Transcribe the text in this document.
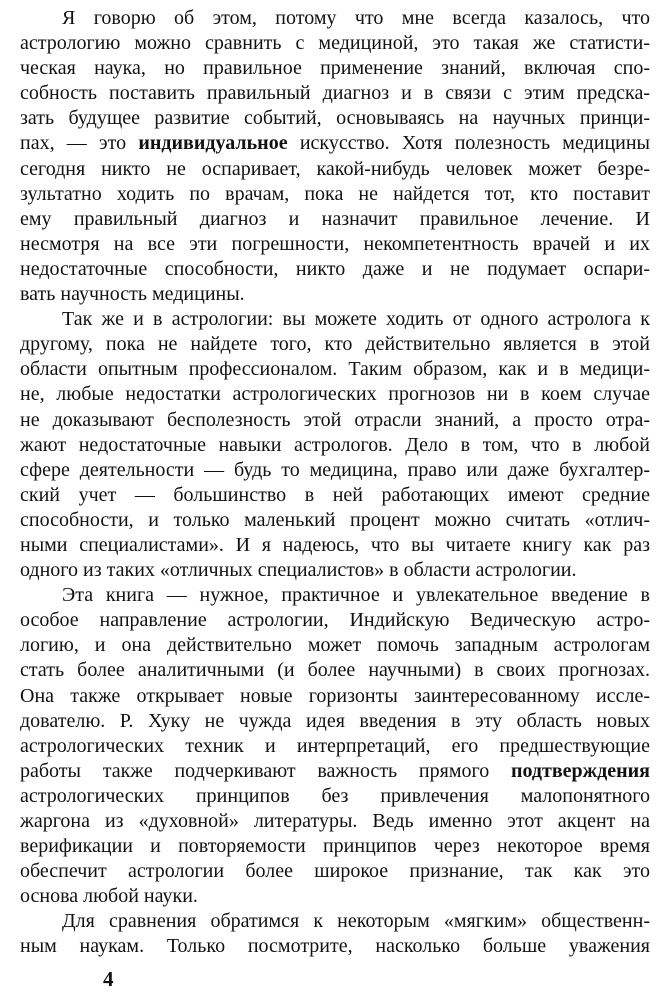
Я говорю об этом, потому что мне всегда казалось, что
астрологию можно сравнить с медициной, это такая же статисти-
ческая наука, но правильное применение знаний, включая спо-
собность поставить правильный диагноз и в связи с этим предска-
зать будущее развитие событий, основываясь на научных принци-
пах, — это индивидуальное искусство. Хотя полезность медицины
сегодня никто не оспаривает, какой-нибудь человек может безре-
зультатно ходить по врачам, пока не найдется тот, кто поставит
ему правильный диагноз и назначит правильное лечение. И
несмотря на все эти погрешности, некомпетентность врачей и их
недостаточные способности, никто даже и не подумает оспари-
вать научность медицины.
Так же и в астрологии: вы можете ходить от одного астролога к
другому, пока не найдете того, кто действительно является в этой
области опытным профессионалом. Таким образом, как и в медици-
не, любые недостатки астрологических прогнозов ни в коем случае
не доказывают бесполезность этой отрасли знаний, а просто отра-
жают недостаточные навыки астрологов. Дело в том, что в любой
сфере деятельности — будь то медицина, право или даже бухгалтер-
ский учет — большинство в ней работающих имеют средние
способности, и только маленький процент можно считать «отлич-
ными специалистами». И я надеюсь, что вы читаете книгу как раз
одного из таких «отличных специалистов» в области астрологии.
Эта книга — нужное, практичное и увлекательное введение в
особое направление астрологии, Индийскую Ведическую астро-
логию, и она действительно может помочь западным астрологам
стать более аналитичными (и более научными) в своих прогнозах.
Она также открывает новые горизонты заинтересованному иссле-
дователю. Р. Хуку не чужда идея введения в эту область новых
астрологических техник и интерпретаций, его предшествующие
работы также подчеркивают важность прямого подтверждения
астрологических принципов без привлечения малопонятного
жаргона из «духовной» литературы. Ведь именно этот акцент на
верификации и повторяемости принципов через некоторое время
обеспечит астрологии более широкое признание, так как это
основа любой науки.
Для сравнения обратимся к некоторым «мягким» общественн-
ным наукам. Только посмотрите, насколько больше уважения
4
